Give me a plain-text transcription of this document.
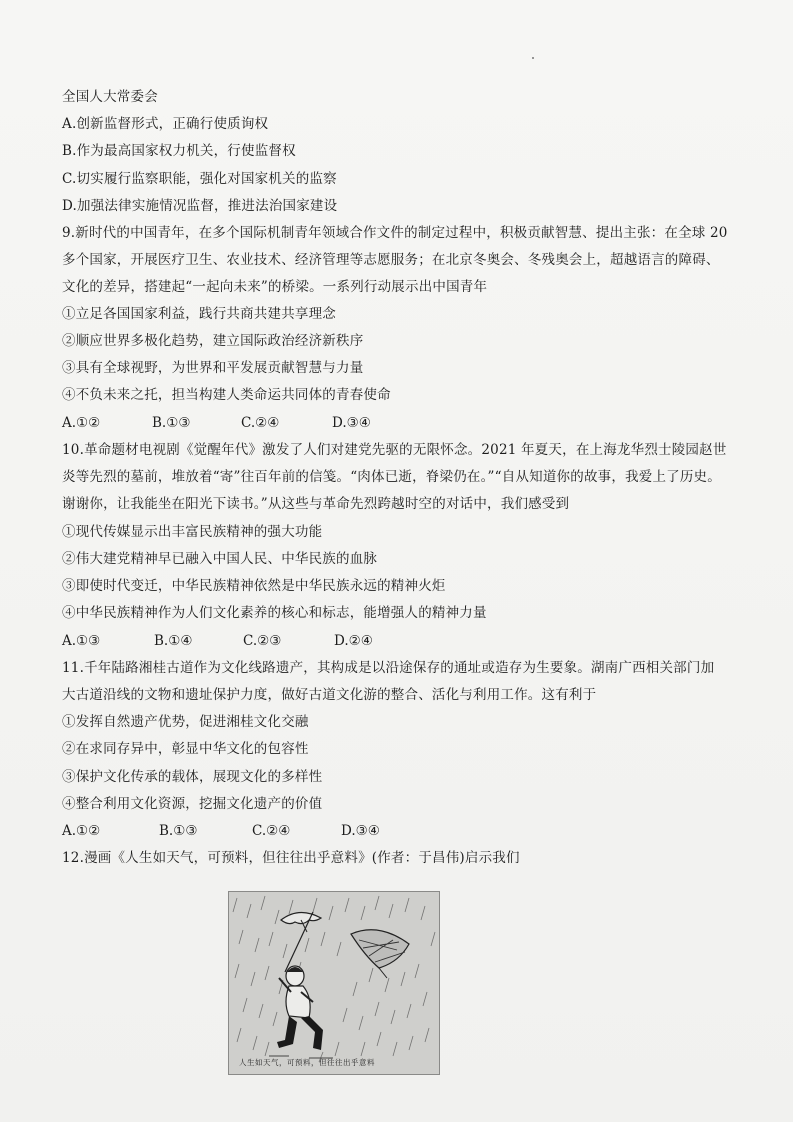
全国人大常委会
A.创新监督形式，正确行使质询权
B.作为最高国家权力机关，行使监督权
C.切实履行监察职能，强化对国家机关的监察
D.加强法律实施情况监督，推进法治国家建设
9.新时代的中国青年，在多个国际机制青年领域合作文件的制定过程中，积极贡献智慧、提出主张：在全球 20
多个国家，开展医疗卫生、农业技术、经济管理等志愿服务；在北京冬奥会、冬残奥会上，超越语言的障碍、
文化的差异，搭建起“一起向未来”的桥梁。一系列行动展示出中国青年
①立足各国国家利益，践行共商共建共享理念
②顺应世界多极化趋势，建立国际政治经济新秩序
③具有全球视野，为世界和平发展贡献智慧与力量
④不负未来之托，担当构建人类命运共同体的青春使命
A.①②	B.①③	C.②④	D.③④
10.革命题材电视剧《觉醒年代》激发了人们对建党先驱的无限怀念。2021 年夏天，在上海龙华烈士陵园赵世
炎等先烈的墓前，堆放着“寄”往百年前的信笺。“肉体已逝，脊梁仍在。”“自从知道你的故事，我爱上了历史。
谢谢你，让我能坐在阳光下读书。”从这些与革命先烈跨越时空的对话中，我们感受到
①现代传媒显示出丰富民族精神的强大功能
②伟大建党精神早已融入中国人民、中华民族的血脉
③即使时代变迁，中华民族精神依然是中华民族永远的精神火炬
④中华民族精神作为人们文化素养的核心和标志，能增强人的精神力量
A.①③	B.①④	C.②③	D.②④
11.千年陆路湘桂古道作为文化线路遗产，其构成是以沿途保存的通址或造存为生要象。湖南广西相关部门加
大古道沿线的文物和遗址保护力度，做好古道文化游的整合、活化与利用工作。这有利于
①发挥自然遗产优势，促进湘桂文化交融
②在求同存异中，彰显中华文化的包容性
③保护文化传承的载体，展现文化的多样性
④整合利用文化资源，挖掘文化遗产的价值
A.①②	B.①③	C.②④	D.③④
12.漫画《人生如天气，可预料，但往往出乎意料》(作者：于昌伟)启示我们
人生如天气，可预料，但往往出乎意料
